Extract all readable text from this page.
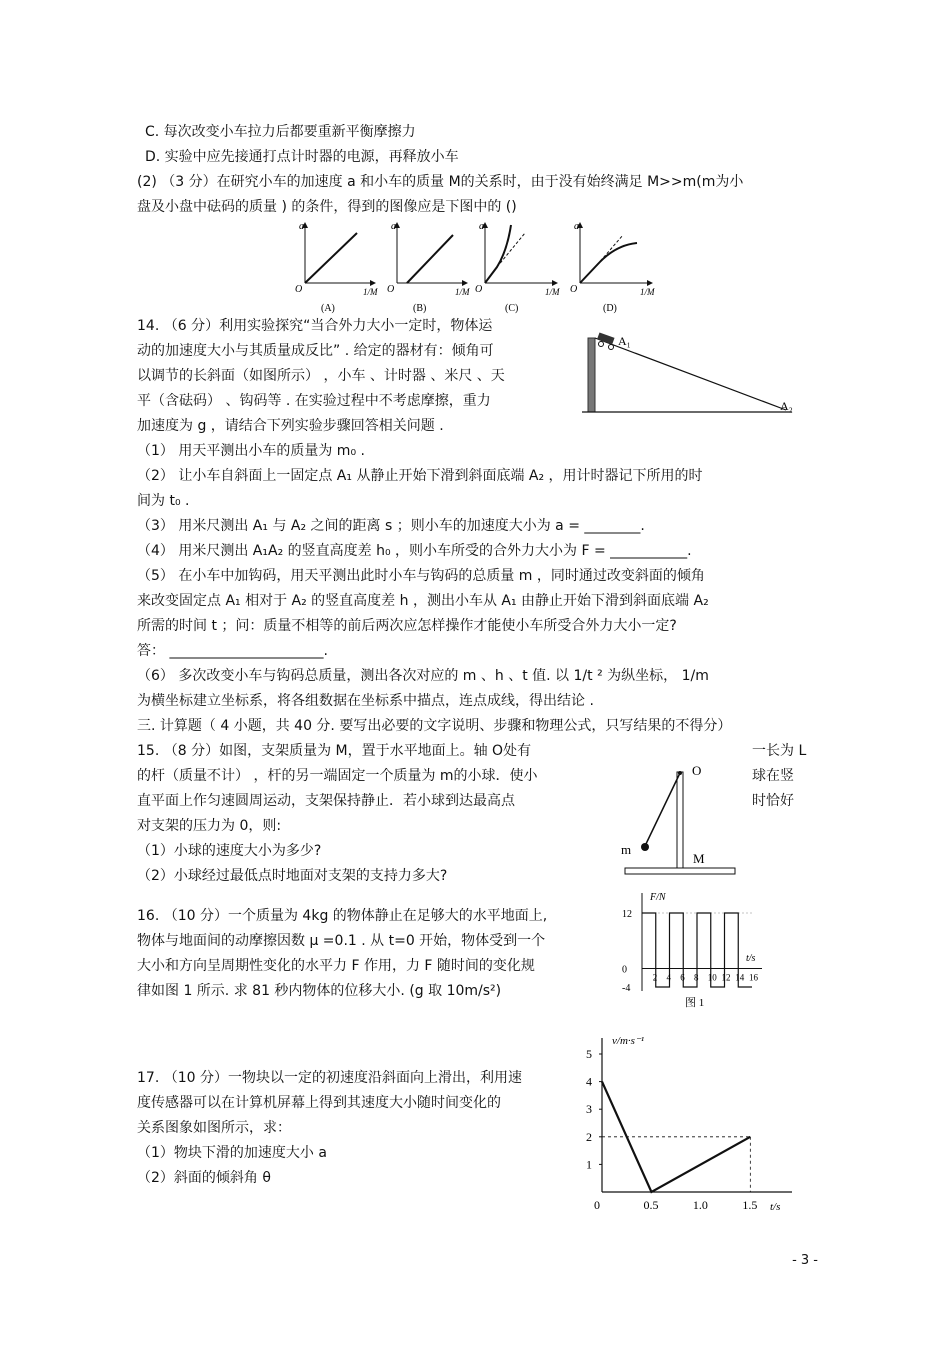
C. 每次改变小车拉力后都要重新平衡摩擦力
D. 实验中应先接通打点计时器的电源，再释放小车
(2) （3 分）在研究小车的加速度 a 和小车的质量 M的关系时，由于没有始终满足 M>>m(m为小
盘及小盘中砝码的质量 ) 的条件，得到的图像应是下图中的 ()
a
O	1/M
(A)
a
O	1/M
(B)
a
O	1/M
(C)
a
O	1/M
(D)
14. （6 分）利用实验探究“当合外力大小一定时，物体运
动的加速度大小与其质量成反比” . 给定的器材有：倾角可
以调节的长斜面（如图所示） ，小车 、计时器 、米尺 、天
平（含砝码） 、钩码等 . 在实验过程中不考虑摩擦，重力
加速度为 g ，请结合下列实验步骤回答相关问题 .
A₁
A₂
（1） 用天平测出小车的质量为 m₀ .
（2） 让小车自斜面上一固定点 A₁ 从静止开始下滑到斜面底端 A₂ ，用计时器记下所用的时
间为 t₀ .
（3） 用米尺测出 A₁ 与 A₂ 之间的距离 s ；则小车的加速度大小为 a = ________.
（4） 用米尺测出 A₁A₂ 的竖直高度差 h₀ ，则小车所受的合外力大小为 F = ___________.
（5） 在小车中加钩码，用天平测出此时小车与钩码的总质量 m ，同时通过改变斜面的倾角
来改变固定点 A₁ 相对于 A₂ 的竖直高度差 h ，测出小车从 A₁ 由静止开始下滑到斜面底端 A₂
所需的时间 t ；问：质量不相等的前后两次应怎样操作才能使小车所受合外力大小一定?
答： ______________________.
（6） 多次改变小车与钩码总质量，测出各次对应的 m 、h 、t 值. 以 1/t ² 为纵坐标， 1/m
为横坐标建立坐标系，将各组数据在坐标系中描点，连点成线，得出结论 .
三. 计算题（ 4 小题，共 40 分. 要写出必要的文字说明、步骤和物理公式，只写结果的不得分）
15. （8 分）如图，支架质量为 M，置于水平地面上。轴 O处有	一长为 L
的杆（质量不计） ，杆的另一端固定一个质量为 m的小球．使小	球在竖
直平面上作匀速圆周运动，支架保持静止．若小球到达最高点	时恰好
对支架的压力为 0，则:
（1）小球的速度大小为多少?
（2）小球经过最低点时地面对支架的支持力多大?
O
m
M
16. （10 分）一个质量为 4kg 的物体静止在足够大的水平地面上,
物体与地面间的动摩擦因数 μ =0.1 . 从 t=0 开始，物体受到一个
大小和方向呈周期性变化的水平力 F 作用，力 F 随时间的变化规
律如图 1 所示. 求 81 秒内物体的位移大小. (g 取 10m/s²)
2 4 6 8 10 12 14 16
12
0
-4
F/N
t/s
图 1
17. （10 分）一物块以一定的初速度沿斜面向上滑出，利用速
度传感器可以在计算机屏幕上得到其速度大小随时间变化的
关系图象如图所示，求：
（1）物块下滑的加速度大小 a
（2）斜面的倾斜角 θ
0	0.5	1.0	1.5
1
2
3
4
5
v/m·s⁻¹
t/s
- 3 -
